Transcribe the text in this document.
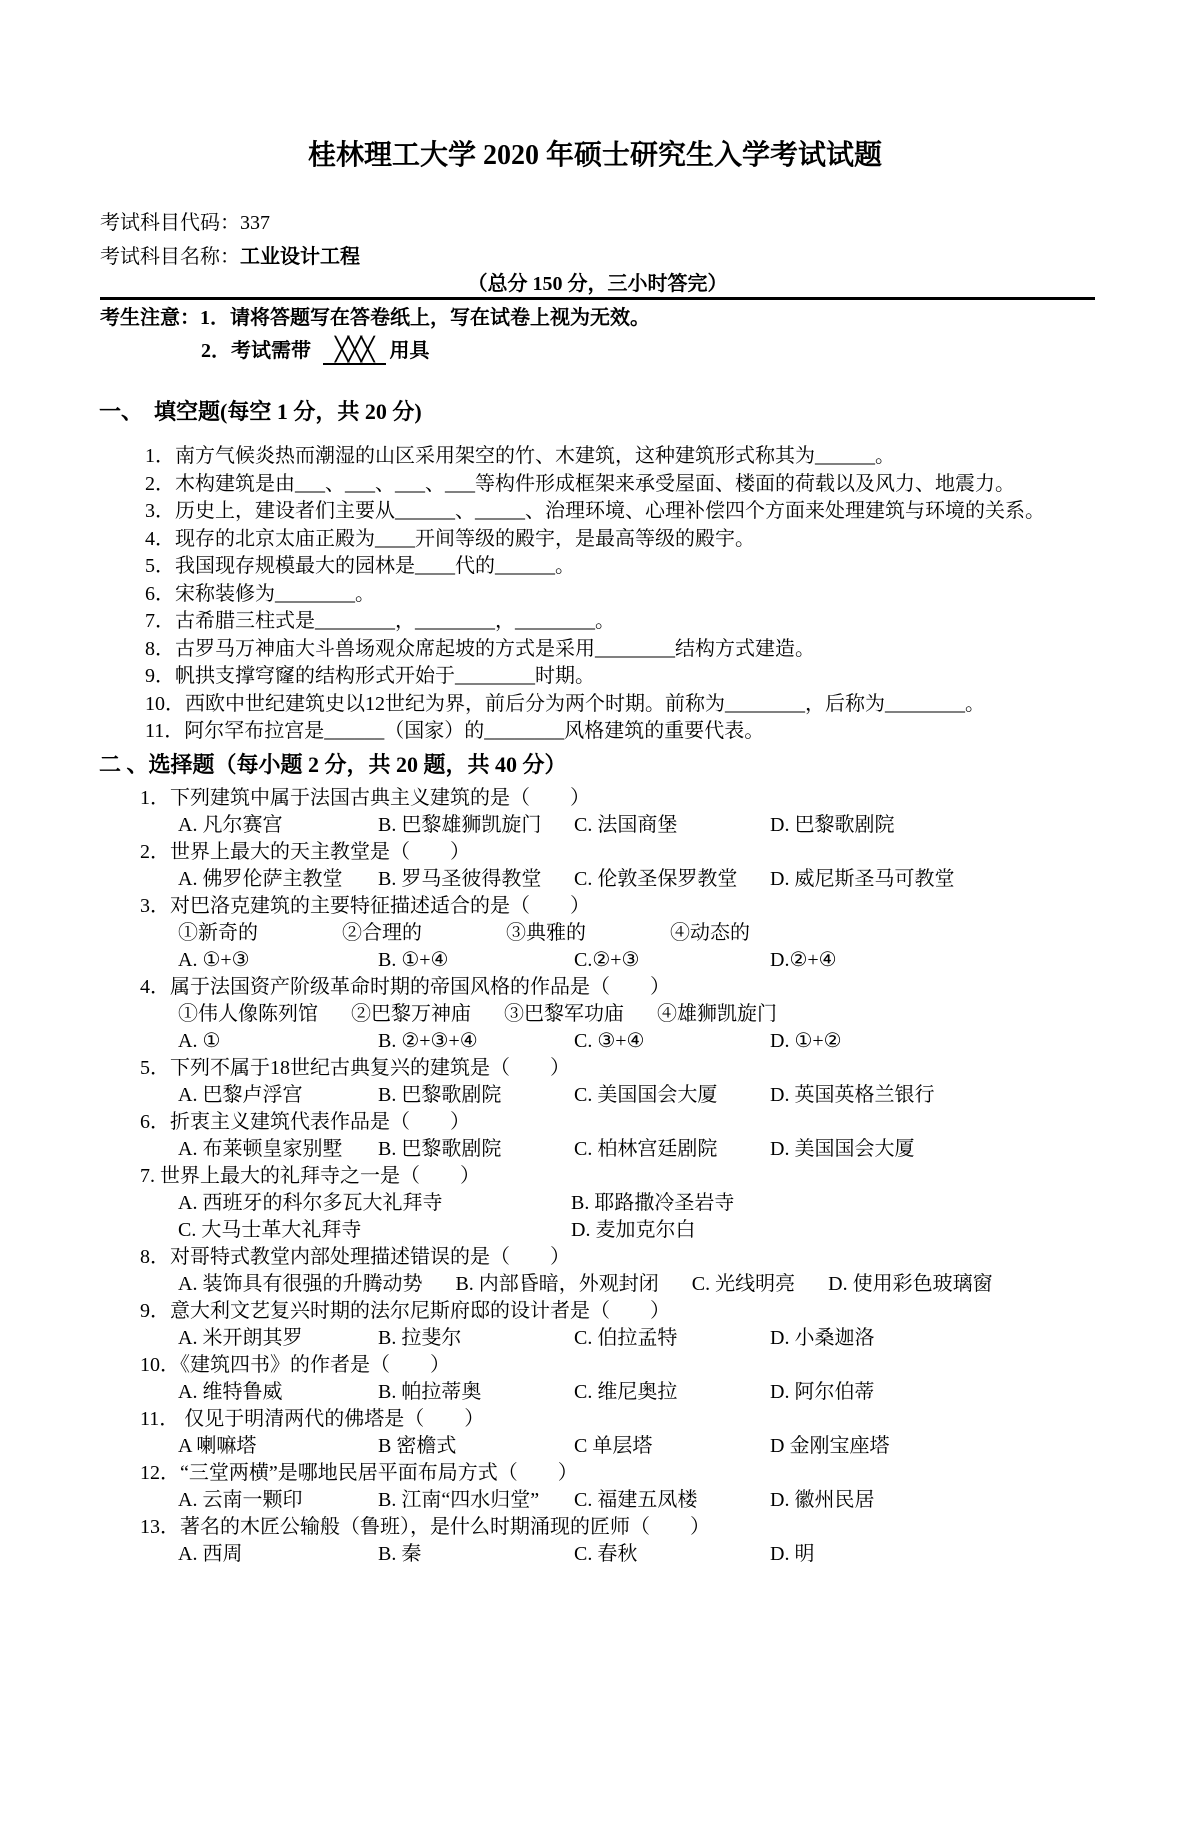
桂林理工大学 2020 年硕士研究生入学考试试题
考试科目代码：337
考试科目名称：工业设计工程
（总分 150 分，三小时答完）
考生注意：1．请将答题写在答卷纸上，写在试卷上视为无效。
2．考试需带	╳╳╳ 用具
一、　填空题(每空 1 分，共 20 分)
1．南方气候炎热而潮湿的山区采用架空的竹、木建筑，这种建筑形式称其为______。
2．木构建筑是由___、___、___、___等构件形成框架来承受屋面、楼面的荷载以及风力、地震力。
3．历史上，建设者们主要从______、_____、治理环境、心理补偿四个方面来处理建筑与环境的关系。
4．现存的北京太庙正殿为____开间等级的殿宇，是最高等级的殿宇。
5．我国现存规模最大的园林是____代的______。
6．宋称装修为________。
7．古希腊三柱式是________，________，________。
8．古罗马万神庙大斗兽场观众席起坡的方式是采用________结构方式建造。
9．帆拱支撑穹窿的结构形式开始于________时期。
10．西欧中世纪建筑史以12世纪为界，前后分为两个时期。前称为________，后称为________。
11．阿尔罕布拉宫是______（国家）的________风格建筑的重要代表。
二 、选择题（每小题 2 分，共 20 题，共 40 分）
1．下列建筑中属于法国古典主义建筑的是（　　）
A. 凡尔赛宫	B. 巴黎雄狮凯旋门	C. 法国商堡	D. 巴黎歌剧院
2．世界上最大的天主教堂是（　　）
A. 佛罗伦萨主教堂	B. 罗马圣彼得教堂	C. 伦敦圣保罗教堂	D. 威尼斯圣马可教堂
3．对巴洛克建筑的主要特征描述适合的是（　　）
①新奇的	②合理的	③典雅的	④动态的
A. ①+③	B. ①+④	C.②+③	D.②+④
4．属于法国资产阶级革命时期的帝国风格的作品是（　　）
①伟人像陈列馆 ②巴黎万神庙 ③巴黎军功庙 ④雄狮凯旋门
A. ①	B. ②+③+④	C. ③+④	D. ①+②
5．下列不属于18世纪古典复兴的建筑是（　　）
A. 巴黎卢浮宫	B. 巴黎歌剧院	C. 美国国会大厦	D. 英国英格兰银行
6．折衷主义建筑代表作品是（　　）
A. 布莱顿皇家别墅	B. 巴黎歌剧院	C. 柏林宫廷剧院	D. 美国国会大厦
7. 世界上最大的礼拜寺之一是（　　）
A. 西班牙的科尔多瓦大礼拜寺	B. 耶路撒冷圣岩寺
C. 大马士革大礼拜寺	D. 麦加克尔白
8．对哥特式教堂内部处理描述错误的是（　　）
A. 装饰具有很强的升腾动势 B. 内部昏暗，外观封闭 C. 光线明亮 D. 使用彩色玻璃窗
9．意大利文艺复兴时期的法尔尼斯府邸的设计者是（　　）
A. 米开朗其罗	B. 拉斐尔	C. 伯拉孟特	D. 小桑迦洛
10．《建筑四书》的作者是（　　）
A. 维特鲁威	B. 帕拉蒂奥	C. 维尼奥拉	D. 阿尔伯蒂
11． 仅见于明清两代的佛塔是（　　）
A 喇嘛塔	B 密檐式	C 单层塔	D 金刚宝座塔
12．“三堂两横”是哪地民居平面布局方式（　　）
A. 云南一颗印	B. 江南“四水归堂”	C. 福建五凤楼	D. 徽州民居
13．著名的木匠公输般（鲁班），是什么时期涌现的匠师（　　）
A. 西周	B. 秦	C. 春秋	D. 明
